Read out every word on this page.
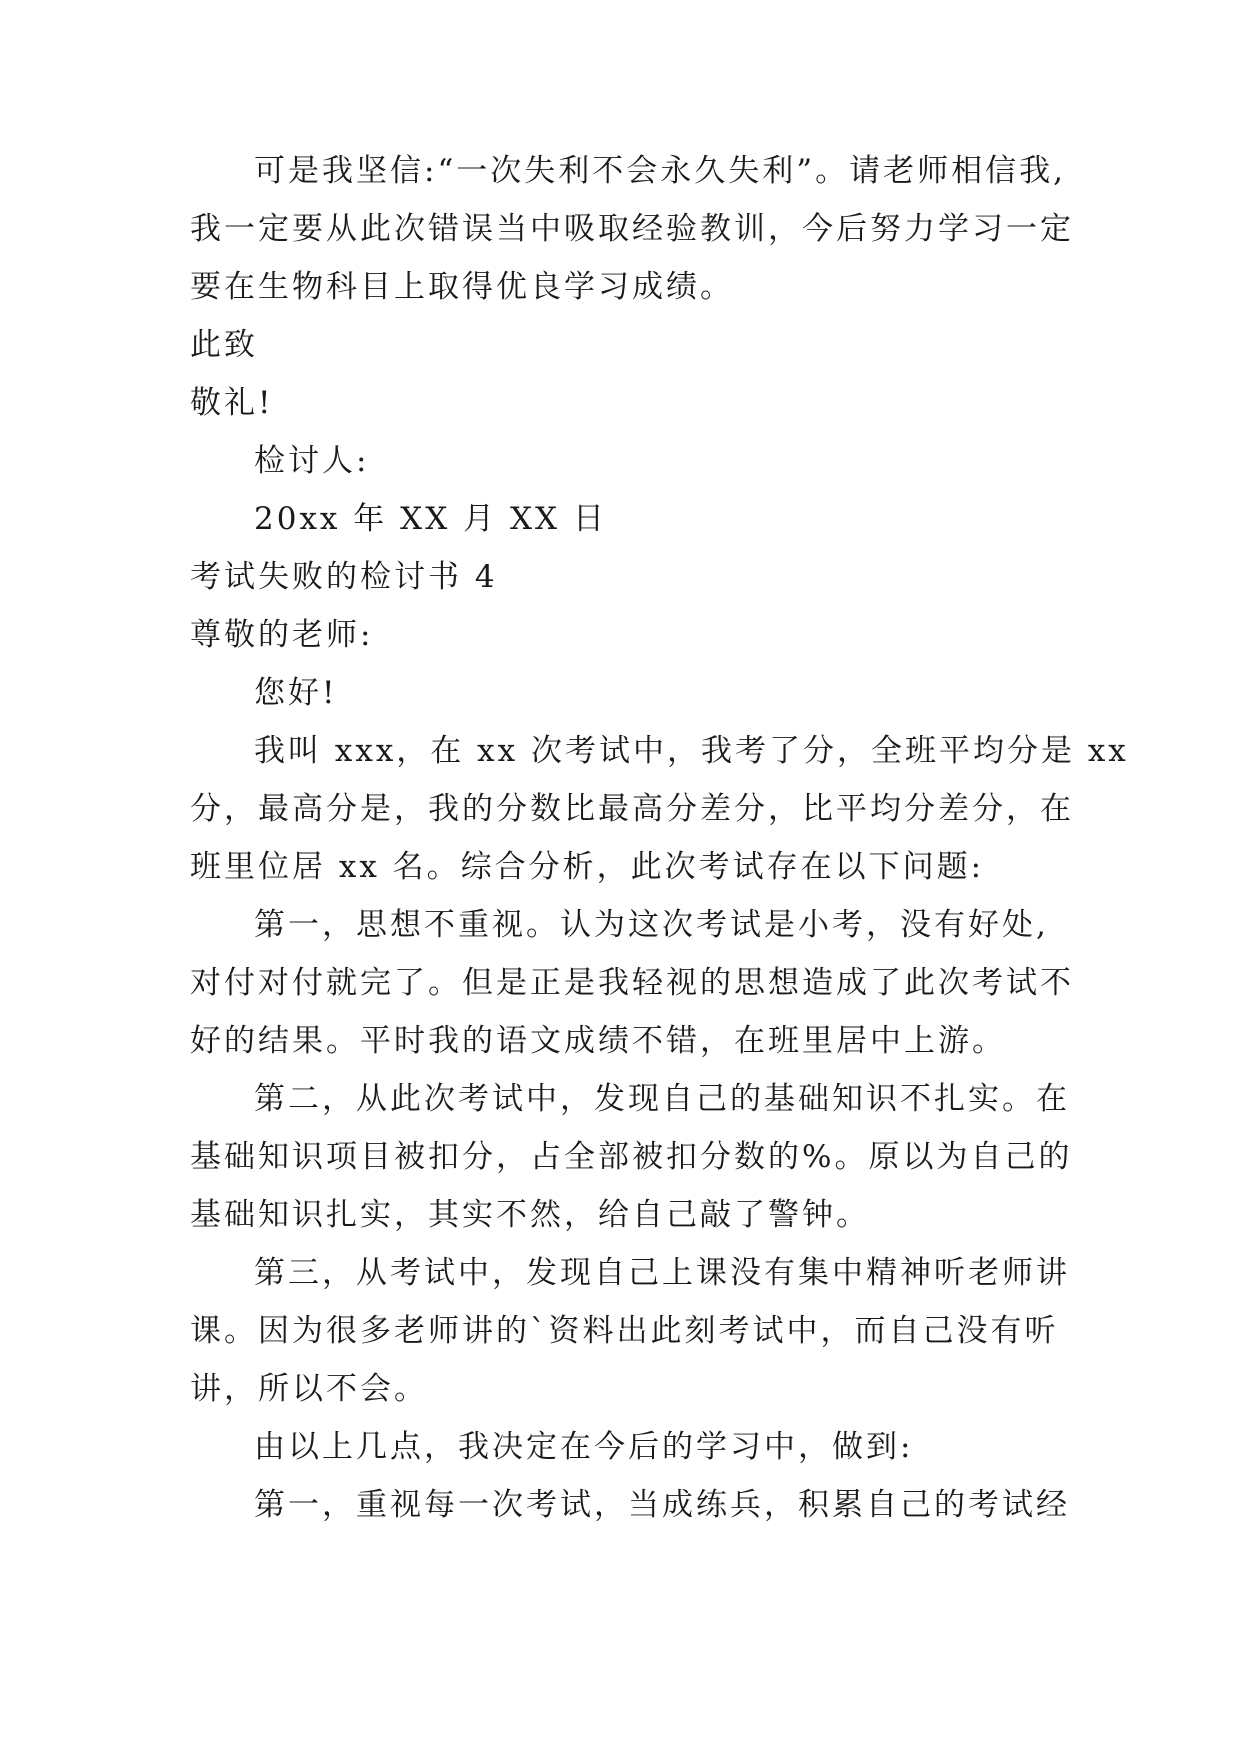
可是我坚信:“一次失利不会永久失利”。请老师相信我,
我一定要从此次错误当中吸取经验教训，今后努力学习一定
要在生物科目上取得优良学习成绩。
此致
敬礼!
检讨人:
20xx 年 XX 月 XX 日
考试失败的检讨书 4
尊敬的老师:
您好!
我叫 xxx，在 xx 次考试中，我考了分，全班平均分是 xx
分，最高分是，我的分数比最高分差分，比平均分差分，在
班里位居 xx 名。综合分析，此次考试存在以下问题:
第一，思想不重视。认为这次考试是小考，没有好处,
对付对付就完了。但是正是我轻视的思想造成了此次考试不
好的结果。平时我的语文成绩不错，在班里居中上游。
第二，从此次考试中，发现自己的基础知识不扎实。在
基础知识项目被扣分，占全部被扣分数的%。原以为自己的
基础知识扎实，其实不然，给自己敲了警钟。
第三，从考试中，发现自己上课没有集中精神听老师讲
课。因为很多老师讲的`资料出此刻考试中，而自己没有听
讲，所以不会。
由以上几点，我决定在今后的学习中，做到:
第一，重视每一次考试，当成练兵，积累自己的考试经
